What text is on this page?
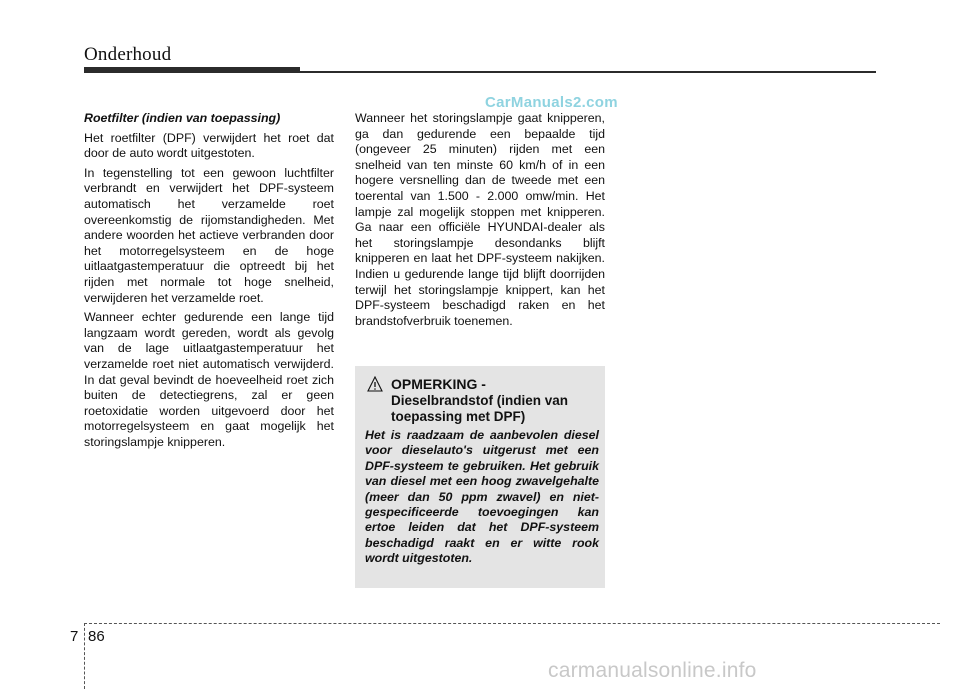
Onderhoud
CarManuals2.com
Roetfilter (indien van toepassing)

Het roetfilter (DPF) verwijdert het roet dat door de auto wordt uitgestoten.

In tegenstelling tot een gewoon luchtfilter verbrandt en verwijdert het DPF-systeem automatisch het verzamelde roet overeenkomstig de rijomstandigheden. Met andere woorden het actieve verbranden door het motorregelsysteem en de hoge uitlaatgastemperatuur die optreedt bij het rijden met normale tot hoge snelheid, verwijderen het verzamelde roet.

Wanneer echter gedurende een lange tijd langzaam wordt gereden, wordt als gevolg van de lage uitlaatgastemperatuur het verzamelde roet niet automatisch verwijderd. In dat geval bevindt de hoeveelheid roet zich buiten de detectiegrens, zal er geen roetoxidatie worden uitgevoerd door het motorregelsysteem en gaat mogelijk het storingslampje knipperen.

Wanneer het storingslampje gaat knipperen, ga dan gedurende een bepaalde tijd (ongeveer 25 minuten) rijden met een snelheid van ten minste 60 km/h of in een hogere versnelling dan de tweede met een toerental van 1.500 - 2.000 omw/min. Het lampje zal mogelijk stoppen met knipperen. Ga naar een officiële HYUNDAI-dealer als het storingslampje desondanks blijft knipperen en laat het DPF-systeem nakijken. Indien u gedurende lange tijd blijft doorrijden terwijl het storingslampje knippert, kan het DPF-systeem beschadigd raken en het brandstofverbruik toenemen.

OPMERKING -
Dieselbrandstof (indien van toepassing met DPF)

Het is raadzaam de aanbevolen diesel voor dieselauto's uitgerust met een DPF-systeem te gebruiken. Het gebruik van diesel met een hoog zwavelgehalte (meer dan 50 ppm zwavel) en niet-gespecificeerde toevoegingen kan ertoe leiden dat het DPF-systeem beschadigd raakt en er witte rook wordt uitgestoten.

7 86
carmanualsonline.info
